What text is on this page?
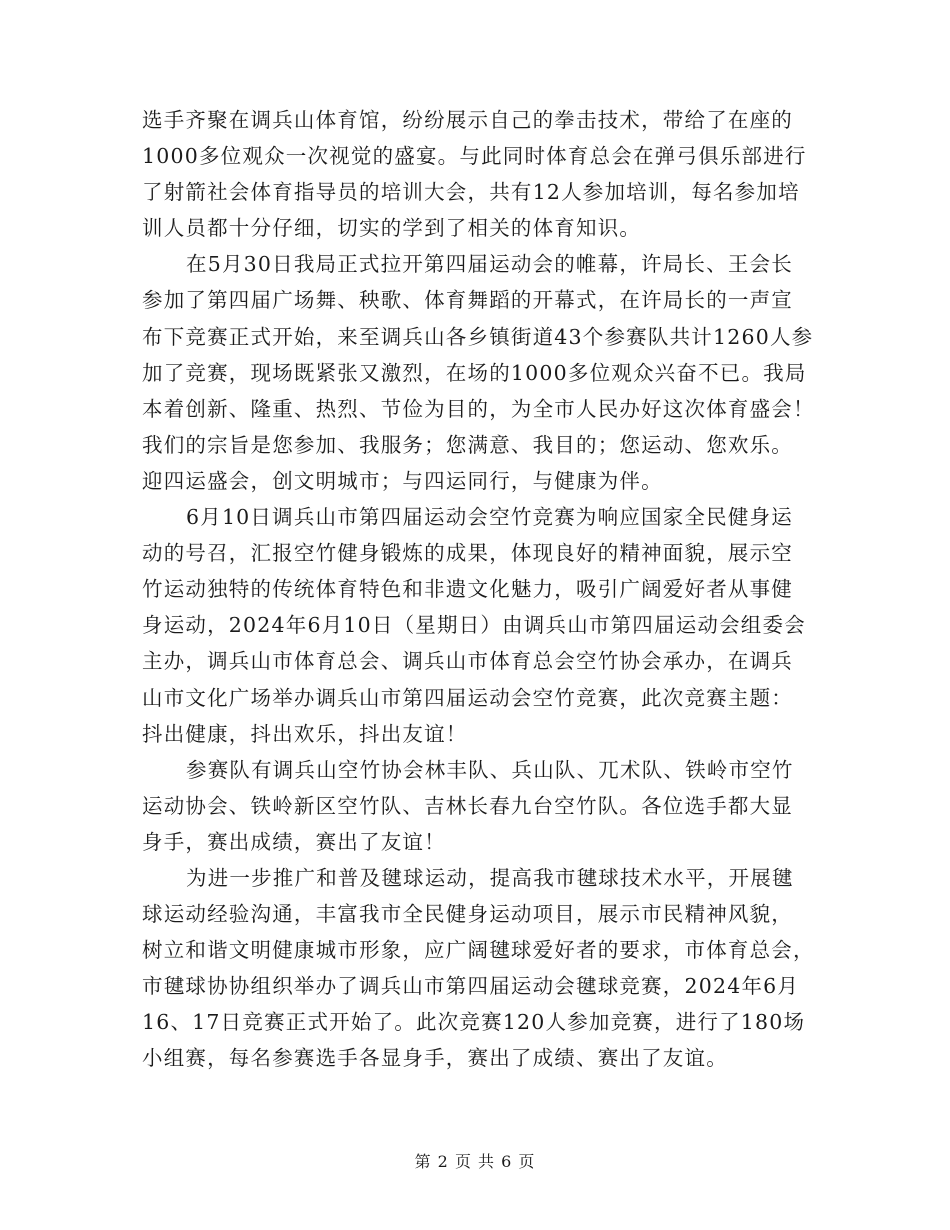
选手齐聚在调兵山体育馆，纷纷展示自己的拳击技术，带给了在座的
1000多位观众一次视觉的盛宴。与此同时体育总会在弹弓俱乐部进行
了射箭社会体育指导员的培训大会，共有12人参加培训，每名参加培
训人员都十分仔细，切实的学到了相关的体育知识。

在5月30日我局正式拉开第四届运动会的帷幕，许局长、王会长
参加了第四届广场舞、秧歌、体育舞蹈的开幕式，在许局长的一声宣
布下竞赛正式开始，来至调兵山各乡镇街道43个参赛队共计1260人参
加了竞赛，现场既紧张又激烈，在场的1000多位观众兴奋不已。我局
本着创新、隆重、热烈、节俭为目的，为全市人民办好这次体育盛会！
我们的宗旨是您参加、我服务；您满意、我目的；您运动、您欢乐。
迎四运盛会，创文明城市；与四运同行，与健康为伴。

6月10日调兵山市第四届运动会空竹竞赛为响应国家全民健身运
动的号召，汇报空竹健身锻炼的成果，体现良好的精神面貌，展示空
竹运动独特的传统体育特色和非遗文化魅力，吸引广阔爱好者从事健
身运动，2024年6月10日（星期日）由调兵山市第四届运动会组委会
主办，调兵山市体育总会、调兵山市体育总会空竹协会承办，在调兵
山市文化广场举办调兵山市第四届运动会空竹竞赛，此次竞赛主题：
抖出健康，抖出欢乐，抖出友谊！

参赛队有调兵山空竹协会林丰队、兵山队、兀术队、铁岭市空竹
运动协会、铁岭新区空竹队、吉林长春九台空竹队。各位选手都大显
身手，赛出成绩，赛出了友谊！

为进一步推广和普及毽球运动，提高我市毽球技术水平，开展毽
球运动经验沟通，丰富我市全民健身运动项目，展示市民精神风貌，
树立和谐文明健康城市形象，应广阔毽球爱好者的要求，市体育总会，
市毽球协协组织举办了调兵山市第四届运动会毽球竞赛，2024年6月
16、17日竞赛正式开始了。此次竞赛120人参加竞赛，进行了180场
小组赛，每名参赛选手各显身手，赛出了成绩、赛出了友谊。

第 2 页 共 6 页
